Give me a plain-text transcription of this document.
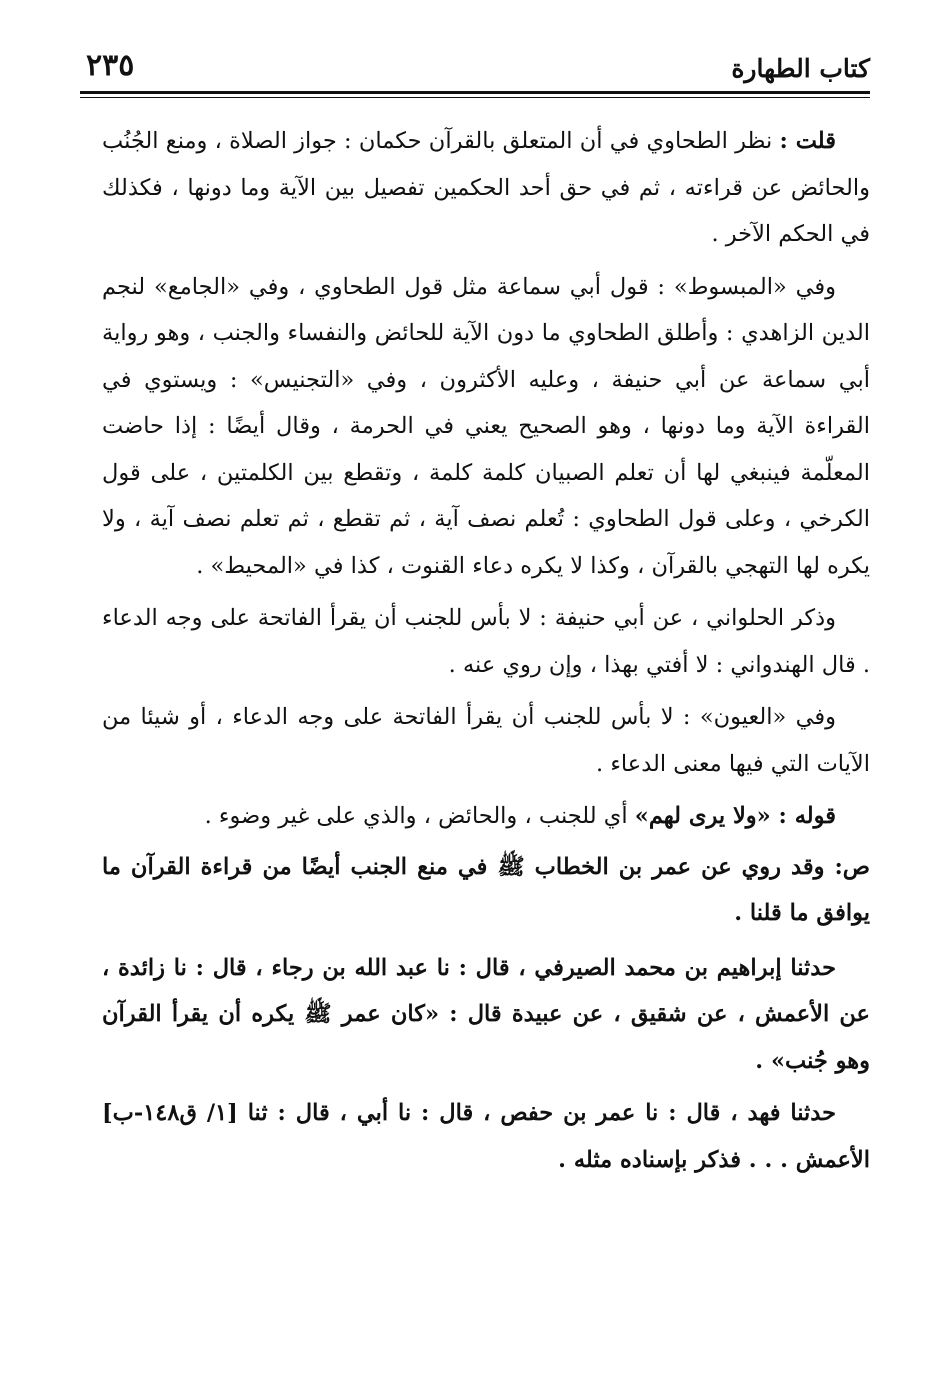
كتاب الطهارة
٢٣٥

قلت : نظر الطحاوي في أن المتعلق بالقرآن حكمان : جواز الصلاة ، ومنع الجُنُب والحائض عن قراءته ، ثم في حق أحد الحكمين تفصيل بين الآية وما دونها ، فكذلك في الحكم الآخر .

وفي «المبسوط» : قول أبي سماعة مثل قول الطحاوي ، وفي «الجامع» لنجم الدين الزاهدي : وأطلق الطحاوي ما دون الآية للحائض والنفساء والجنب ، وهو رواية أبي سماعة عن أبي حنيفة ، وعليه الأكثرون ، وفي «التجنيس» : ويستوي في القراءة الآية وما دونها ، وهو الصحيح يعني في الحرمة ، وقال أيضًا : إذا حاضت المعلّمة فينبغي لها أن تعلم الصبيان كلمة كلمة ، وتقطع بين الكلمتين ، على قول الكرخي ، وعلى قول الطحاوي : تُعلم نصف آية ، ثم تقطع ، ثم تعلم نصف آية ، ولا يكره لها التهجي بالقرآن ، وكذا لا يكره دعاء القنوت ، كذا في «المحيط» .

وذكر الحلواني ، عن أبي حنيفة : لا بأس للجنب أن يقرأ الفاتحة على وجه الدعاء . قال الهندواني : لا أفتي بهذا ، وإن روي عنه .

وفي «العيون» : لا بأس للجنب أن يقرأ الفاتحة على وجه الدعاء ، أو شيئا من الآيات التي فيها معنى الدعاء .

قوله : «ولا يرى لهم» أي للجنب ، والحائض ، والذي على غير وضوء .

ص: وقد روي عن عمر بن الخطاب ﷺ في منع الجنب أيضًا من قراءة القرآن ما يوافق ما قلنا .

حدثنا إبراهيم بن محمد الصيرفي ، قال : نا عبد الله بن رجاء ، قال : نا زائدة ، عن الأعمش ، عن شقيق ، عن عبيدة قال : «كان عمر ﷺ يكره أن يقرأ القرآن وهو جُنب» .

حدثنا فهد ، قال : نا عمر بن حفص ، قال : نا أبي ، قال : ثنا [١/ ق١٤٨-ب] الأعمش . . . فذكر بإسناده مثله .
